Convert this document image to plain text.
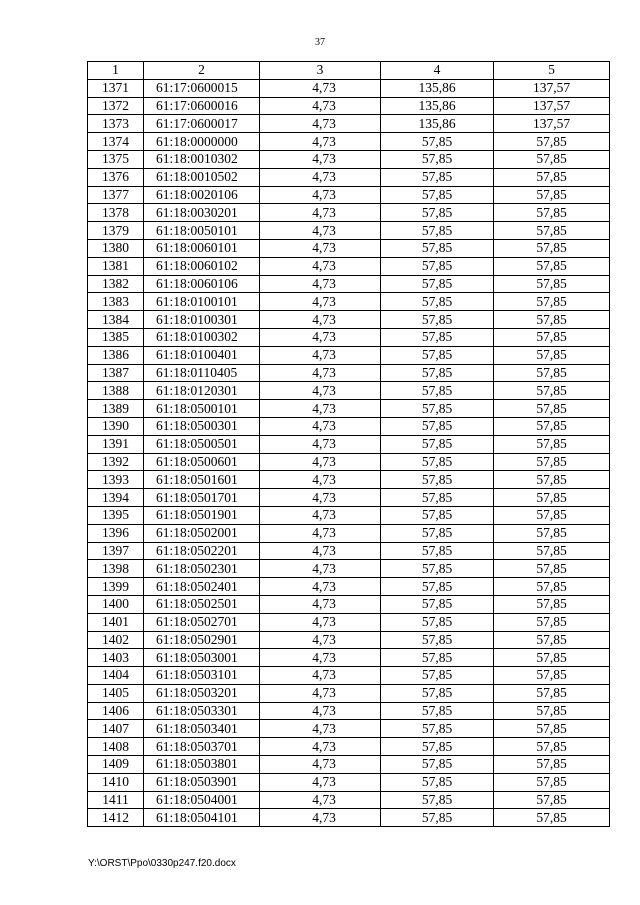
37
1	2	3	4	5
1371	61:17:0600015	4,73	135,86	137,57
1372	61:17:0600016	4,73	135,86	137,57
1373	61:17:0600017	4,73	135,86	137,57
1374	61:18:0000000	4,73	57,85	57,85
1375	61:18:0010302	4,73	57,85	57,85
1376	61:18:0010502	4,73	57,85	57,85
1377	61:18:0020106	4,73	57,85	57,85
1378	61:18:0030201	4,73	57,85	57,85
1379	61:18:0050101	4,73	57,85	57,85
1380	61:18:0060101	4,73	57,85	57,85
1381	61:18:0060102	4,73	57,85	57,85
1382	61:18:0060106	4,73	57,85	57,85
1383	61:18:0100101	4,73	57,85	57,85
1384	61:18:0100301	4,73	57,85	57,85
1385	61:18:0100302	4,73	57,85	57,85
1386	61:18:0100401	4,73	57,85	57,85
1387	61:18:0110405	4,73	57,85	57,85
1388	61:18:0120301	4,73	57,85	57,85
1389	61:18:0500101	4,73	57,85	57,85
1390	61:18:0500301	4,73	57,85	57,85
1391	61:18:0500501	4,73	57,85	57,85
1392	61:18:0500601	4,73	57,85	57,85
1393	61:18:0501601	4,73	57,85	57,85
1394	61:18:0501701	4,73	57,85	57,85
1395	61:18:0501901	4,73	57,85	57,85
1396	61:18:0502001	4,73	57,85	57,85
1397	61:18:0502201	4,73	57,85	57,85
1398	61:18:0502301	4,73	57,85	57,85
1399	61:18:0502401	4,73	57,85	57,85
1400	61:18:0502501	4,73	57,85	57,85
1401	61:18:0502701	4,73	57,85	57,85
1402	61:18:0502901	4,73	57,85	57,85
1403	61:18:0503001	4,73	57,85	57,85
1404	61:18:0503101	4,73	57,85	57,85
1405	61:18:0503201	4,73	57,85	57,85
1406	61:18:0503301	4,73	57,85	57,85
1407	61:18:0503401	4,73	57,85	57,85
1408	61:18:0503701	4,73	57,85	57,85
1409	61:18:0503801	4,73	57,85	57,85
1410	61:18:0503901	4,73	57,85	57,85
1411	61:18:0504001	4,73	57,85	57,85
1412	61:18:0504101	4,73	57,85	57,85
Y:\ORST\Ppo\0330p247.f20.docx
